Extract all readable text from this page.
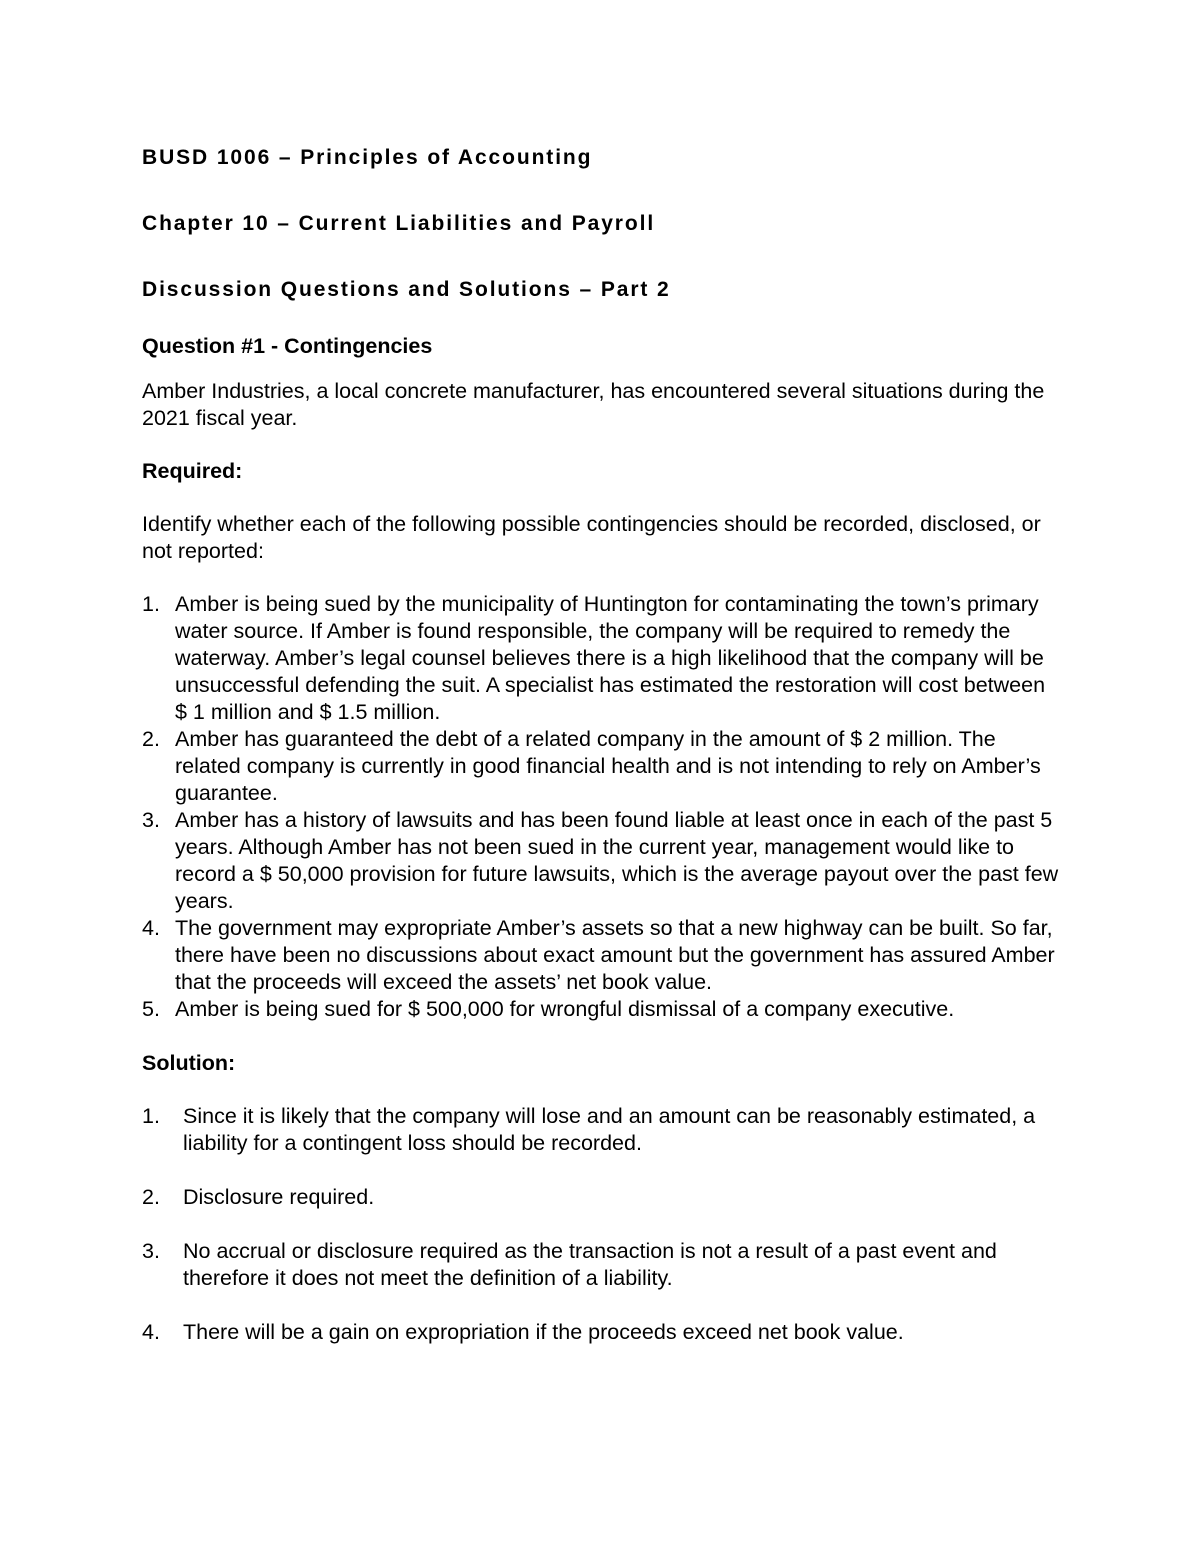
BUSD 1006 – Principles of Accounting
Chapter 10 – Current Liabilities and Payroll
Discussion Questions and Solutions – Part 2
Question #1 - Contingencies

Amber Industries, a local concrete manufacturer, has encountered several situations during the 2021 fiscal year.

Required:

Identify whether each of the following possible contingencies should be recorded, disclosed, or not reported:

1. Amber is being sued by the municipality of Huntington for contaminating the town’s primary water source. If Amber is found responsible, the company will be required to remedy the waterway. Amber’s legal counsel believes there is a high likelihood that the company will be unsuccessful defending the suit. A specialist has estimated the restoration will cost between $ 1 million and $ 1.5 million.
2. Amber has guaranteed the debt of a related company in the amount of $ 2 million. The related company is currently in good financial health and is not intending to rely on Amber’s guarantee.
3. Amber has a history of lawsuits and has been found liable at least once in each of the past 5 years. Although Amber has not been sued in the current year, management would like to record a $ 50,000 provision for future lawsuits, which is the average payout over the past few years.
4. The government may expropriate Amber’s assets so that a new highway can be built. So far, there have been no discussions about exact amount but the government has assured Amber that the proceeds will exceed the assets’ net book value.
5. Amber is being sued for $ 500,000 for wrongful dismissal of a company executive.

Solution:

1. Since it is likely that the company will lose and an amount can be reasonably estimated, a liability for a contingent loss should be recorded.
2. Disclosure required.
3. No accrual or disclosure required as the transaction is not a result of a past event and therefore it does not meet the definition of a liability.
4. There will be a gain on expropriation if the proceeds exceed net book value.
